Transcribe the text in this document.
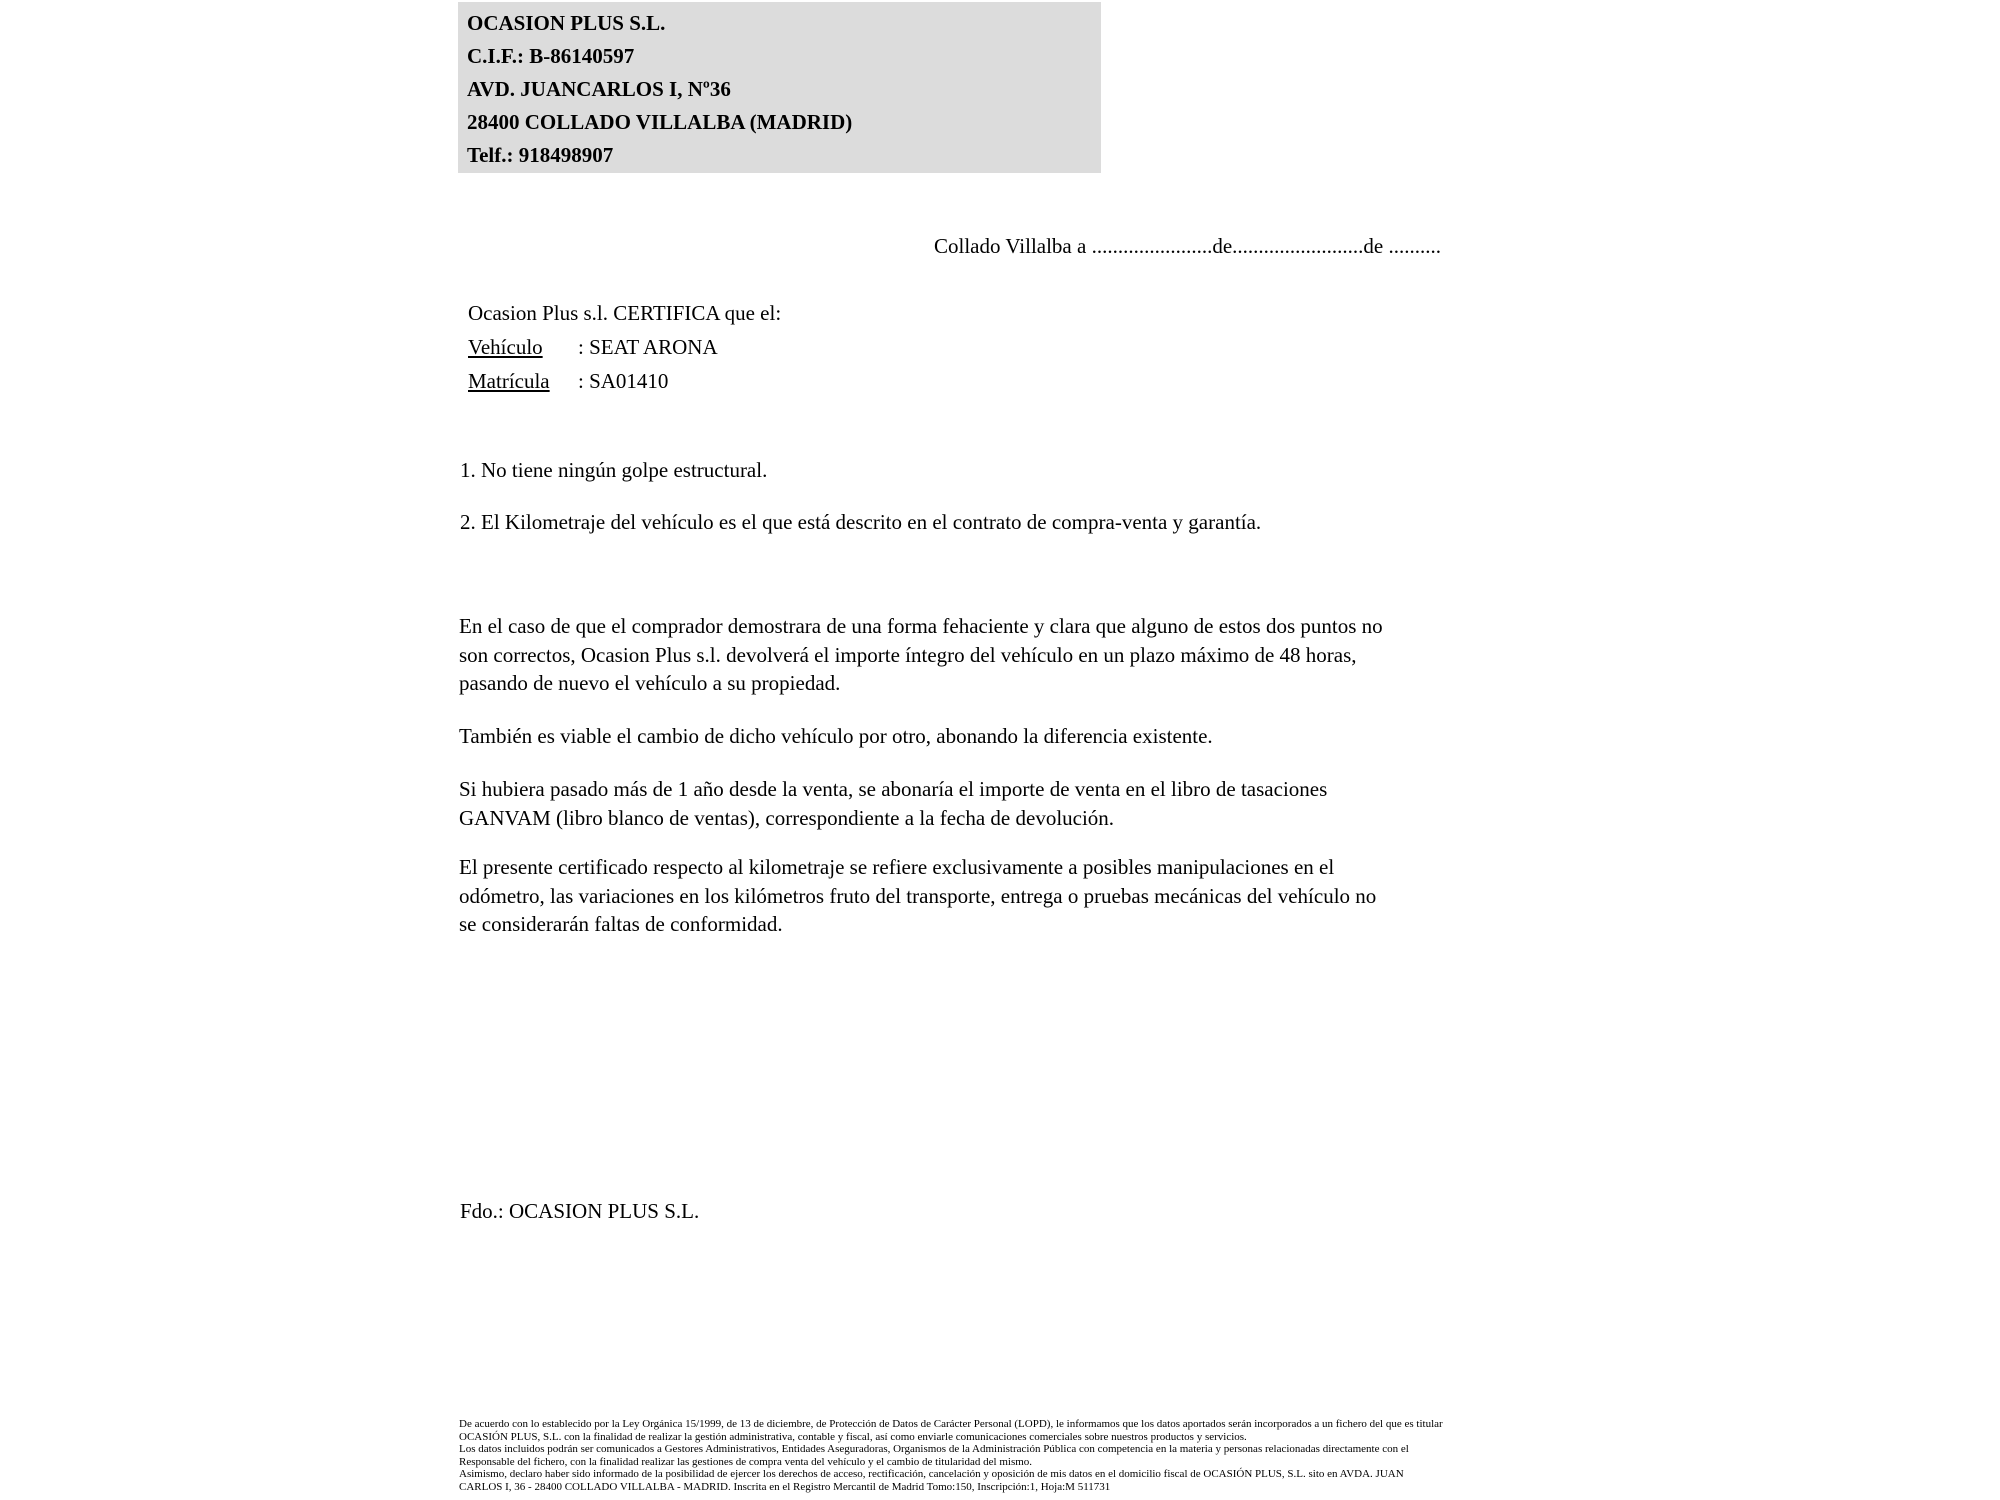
OCASION PLUS S.L.
C.I.F.: B-86140597
AVD. JUANCARLOS I, Nº36
28400 COLLADO VILLALBA (MADRID)
Telf.: 918498907
Collado Villalba a .......................de.........................de ..........
Ocasion Plus s.l. CERTIFICA que el:
Vehículo : SEAT ARONA
Matrícula : SA01410
1. No tiene ningún golpe estructural.
2. El Kilometraje del vehículo es el que está descrito en el contrato de compra-venta y garantía.
En el caso de que el comprador demostrara de una forma fehaciente y clara que alguno de estos dos puntos no
son correctos, Ocasion Plus s.l. devolverá el importe íntegro del vehículo en un plazo máximo de 48 horas,
pasando de nuevo el vehículo a su propiedad.
También es viable el cambio de dicho vehículo por otro, abonando la diferencia existente.
Si hubiera pasado más de 1 año desde la venta, se abonaría el importe de venta en el libro de tasaciones
GANVAM (libro blanco de ventas), correspondiente a la fecha de devolución.
El presente certificado respecto al kilometraje se refiere exclusivamente a posibles manipulaciones en el
odómetro, las variaciones en los kilómetros fruto del transporte, entrega o pruebas mecánicas del vehículo no
se considerarán faltas de conformidad.
Fdo.: OCASION PLUS S.L.
De acuerdo con lo establecido por la Ley Orgánica 15/1999, de 13 de diciembre, de Protección de Datos de Carácter Personal (LOPD), le informamos que los datos aportados serán incorporados a un fichero del que es titular
OCASIÓN PLUS, S.L. con la finalidad de realizar la gestión administrativa, contable y fiscal, así como enviarle comunicaciones comerciales sobre nuestros productos y servicios.
Los datos incluidos podrán ser comunicados a Gestores Administrativos, Entidades Aseguradoras, Organismos de la Administración Pública con competencia en la materia y personas relacionadas directamente con el
Responsable del fichero, con la finalidad realizar las gestiones de compra venta del vehículo y el cambio de titularidad del mismo.
Asimismo, declaro haber sido informado de la posibilidad de ejercer los derechos de acceso, rectificación, cancelación y oposición de mis datos en el domicilio fiscal de OCASIÓN PLUS, S.L. sito en AVDA. JUAN
CARLOS I, 36 - 28400 COLLADO VILLALBA - MADRID. Inscrita en el Registro Mercantil de Madrid Tomo:150, Inscripción:1, Hoja:M 511731
